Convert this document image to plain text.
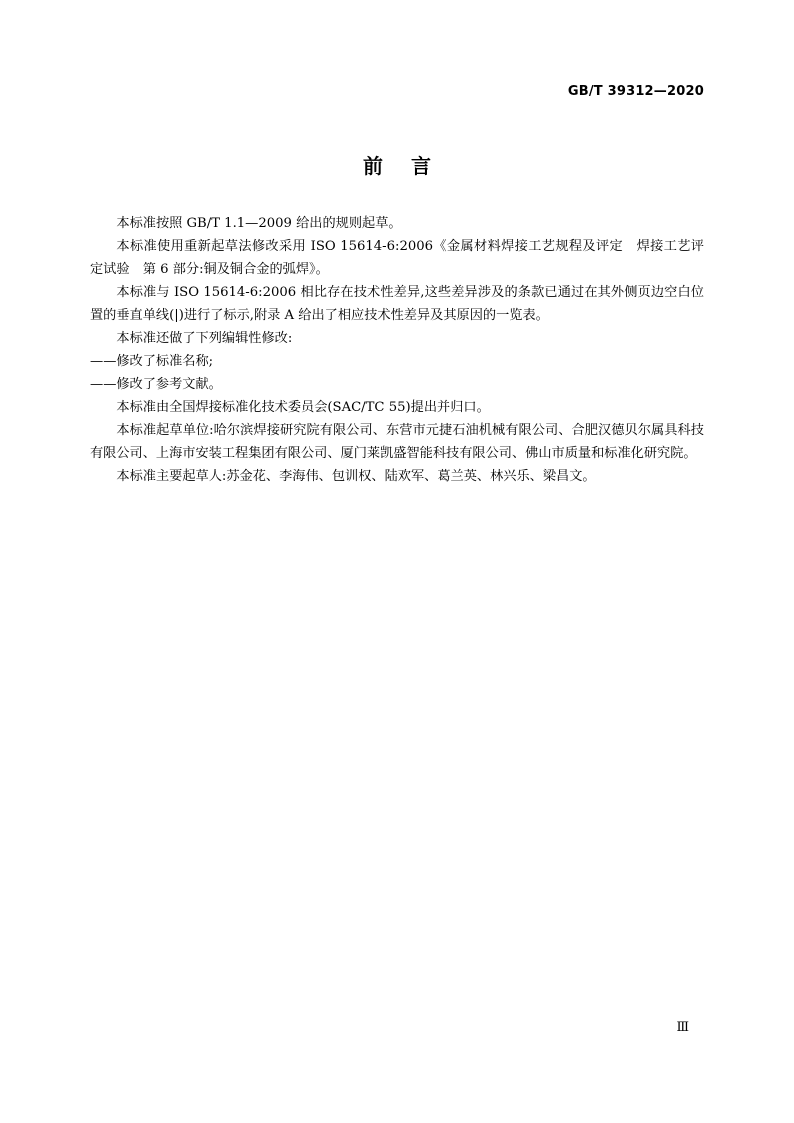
GB/T 39312—2020
前言

本标准按照 GB/T 1.1—2009 给出的规则起草。

本标准使用重新起草法修改采用 ISO 15614-6:2006《金属材料焊接工艺规程及评定　焊接工艺评定试验　第 6 部分:铜及铜合金的弧焊》。

本标准与 ISO 15614-6:2006 相比存在技术性差异,这些差异涉及的条款已通过在其外侧页边空白位置的垂直单线(|)进行了标示,附录 A 给出了相应技术性差异及其原因的一览表。

本标准还做了下列编辑性修改:

——修改了标准名称;

——修改了参考文献。

本标准由全国焊接标准化技术委员会(SAC/TC 55)提出并归口。

本标准起草单位:哈尔滨焊接研究院有限公司、东营市元捷石油机械有限公司、合肥汉德贝尔属具科技有限公司、上海市安装工程集团有限公司、厦门莱凯盛智能科技有限公司、佛山市质量和标准化研究院。

本标准主要起草人:苏金花、李海伟、包训权、陆欢军、葛兰英、林兴乐、梁昌文。

Ⅲ
